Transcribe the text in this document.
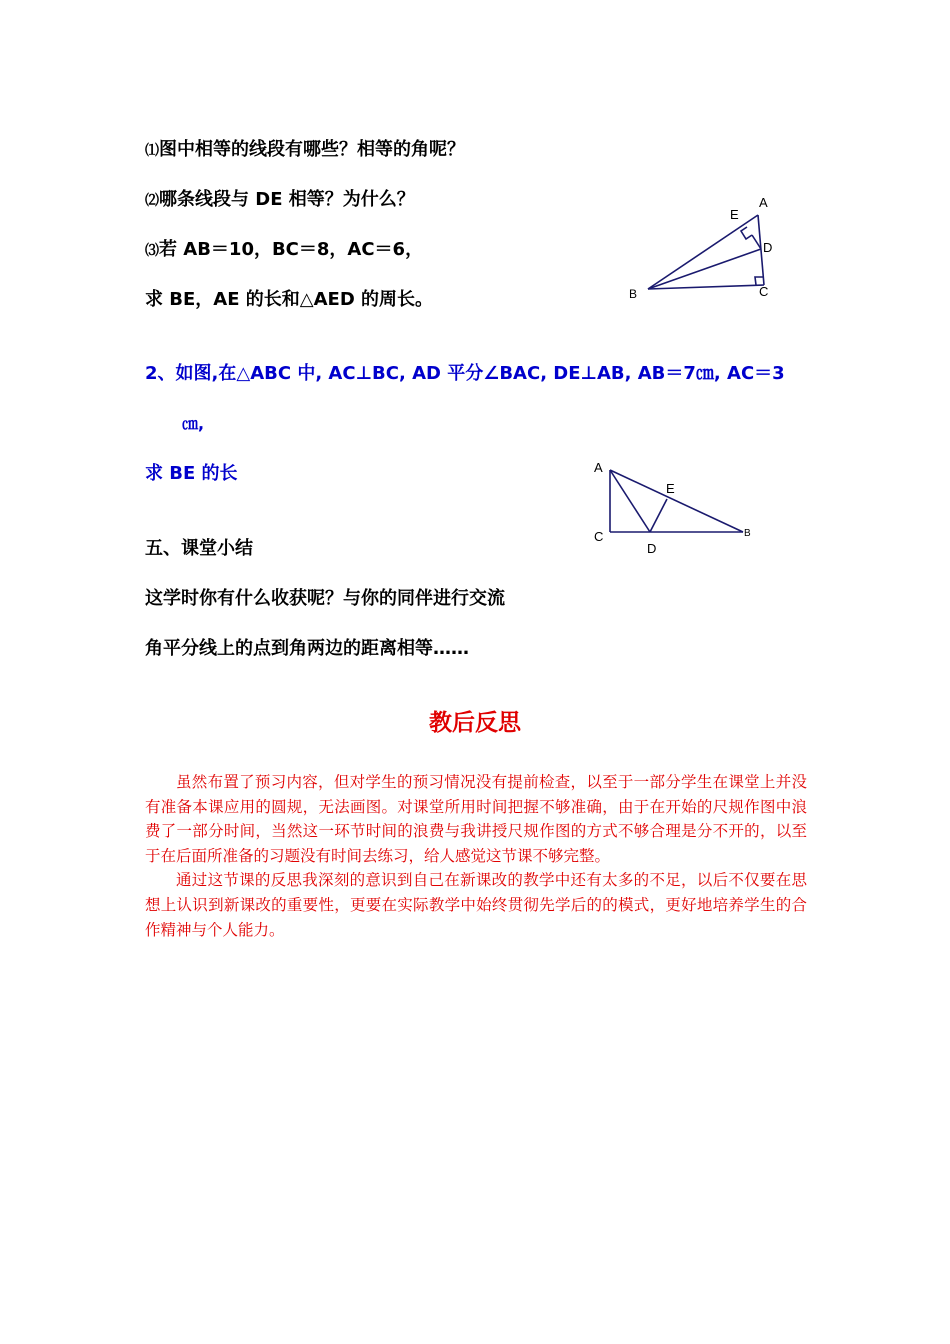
⑴图中相等的线段有哪些？相等的角呢？
⑵哪条线段与 DE 相等？为什么？
⑶若 AB＝10，BC＝8，AC＝6，
求 BE，AE 的长和△AED 的周长。
E
A
D
B	C
2、如图,在△ABC 中, AC⊥BC, AD 平分∠BAC, DE⊥AB, AB＝7㎝, AC＝3
㎝,
求 BE 的长	A
E
C
D
B
五、课堂小结
这学时你有什么收获呢？与你的同伴进行交流
角平分线上的点到角两边的距离相等……
教后反思

虽然布置了预习内容，但对学生的预习情况没有提前检查，以至于一部分学生在课堂上并没有准备本课应用的圆规，无法画图。对课堂所用时间把握不够准确，由于在开始的尺规作图中浪费了一部分时间，当然这一环节时间的浪费与我讲授尺规作图的方式不够合理是分不开的，以至于在后面所准备的习题没有时间去练习，给人感觉这节课不够完整。

通过这节课的反思我深刻的意识到自己在新课改的教学中还有太多的不足，以后不仅要在思想上认识到新课改的重要性，更要在实际教学中始终贯彻先学后的的模式，更好地培养学生的合作精神与个人能力。
